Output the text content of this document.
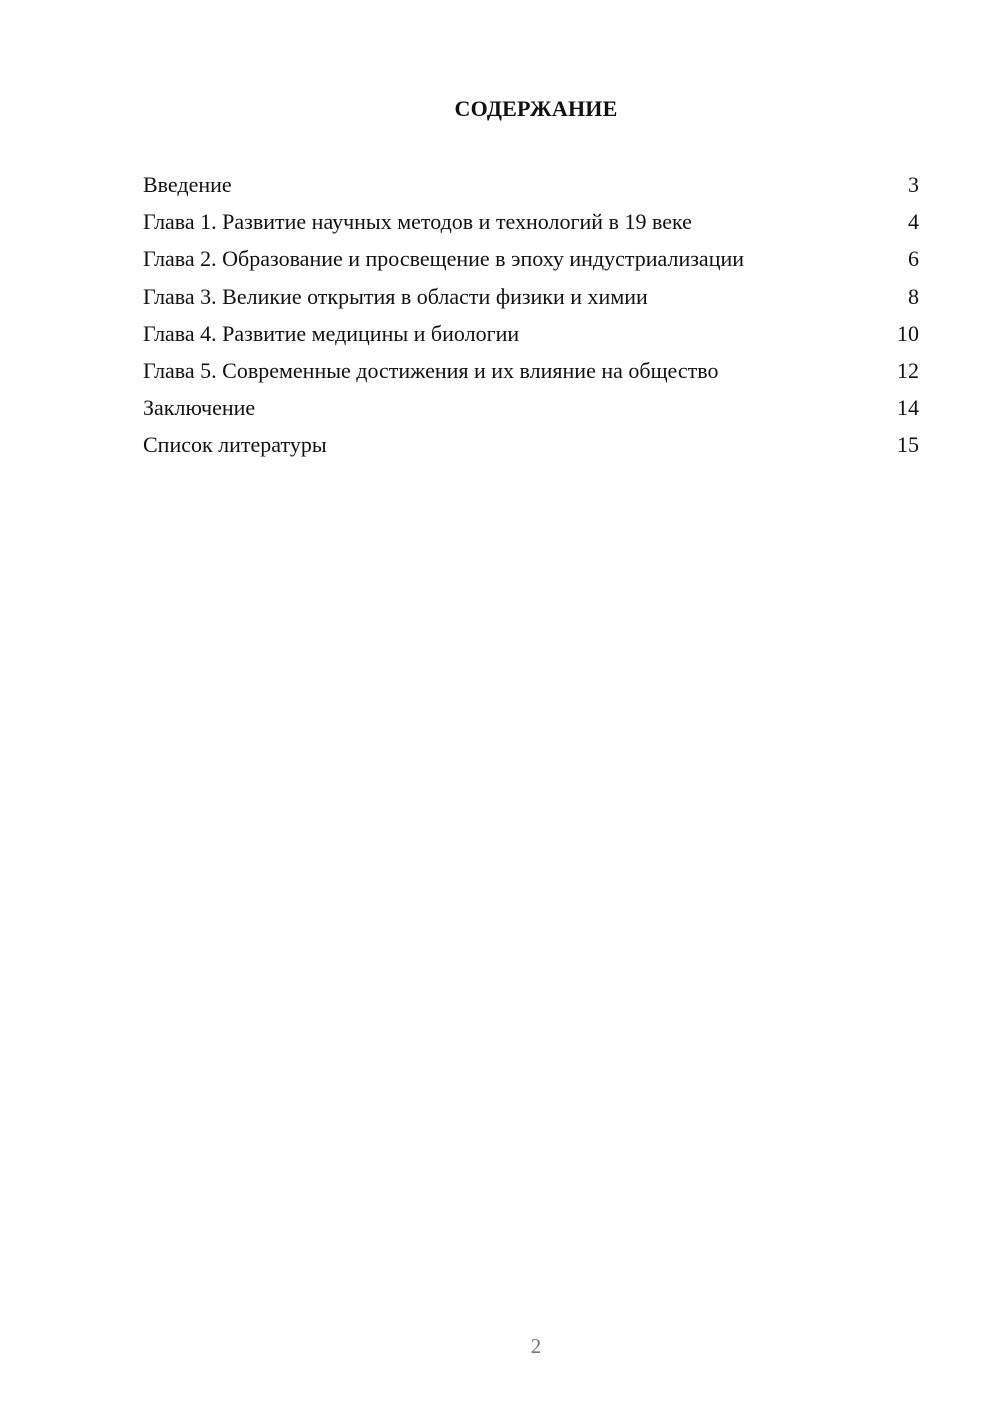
СОДЕРЖАНИЕ
Введение	3
Глава 1. Развитие научных методов и технологий в 19 веке	4
Глава 2. Образование и просвещение в эпоху индустриализации	6
Глава 3. Великие открытия в области физики и химии	8
Глава 4. Развитие медицины и биологии	10
Глава 5. Современные достижения и их влияние на общество	12
Заключение	14
Список литературы	15
2
